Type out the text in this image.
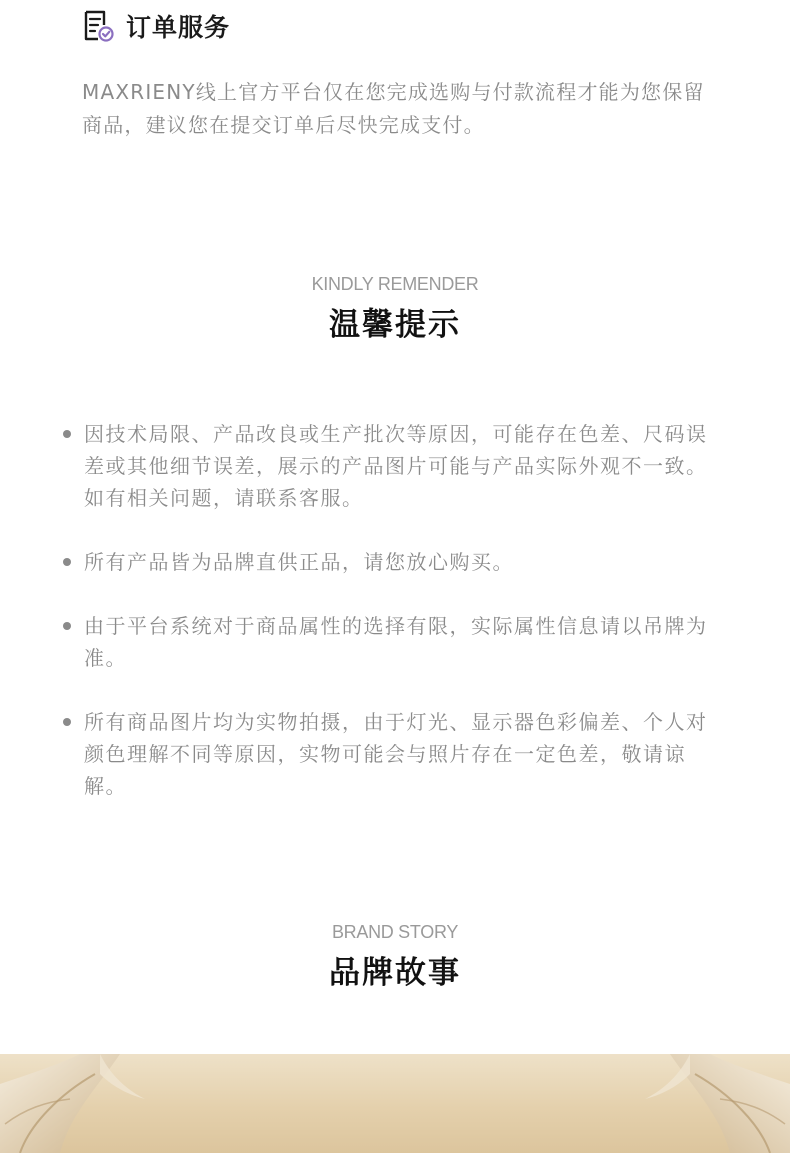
订单服务

MAXRIENY线上官方平台仅在您完成选购与付款流程才能为您保留商品，建议您在提交订单后尽快完成支付。

KINDLY REMENDER
温馨提示
因技术局限、产品改良或生产批次等原因，可能存在色差、尺码误差或其他细节误差，展示的产品图片可能与产品实际外观不一致。如有相关问题，请联系客服。
所有产品皆为品牌直供正品，请您放心购买。
由于平台系统对于商品属性的选择有限，实际属性信息请以吊牌为准。
所有商品图片均为实物拍摄，由于灯光、显示器色彩偏差、个人对颜色理解不同等原因，实物可能会与照片存在一定色差，敬请谅解。
BRAND STORY
品牌故事
